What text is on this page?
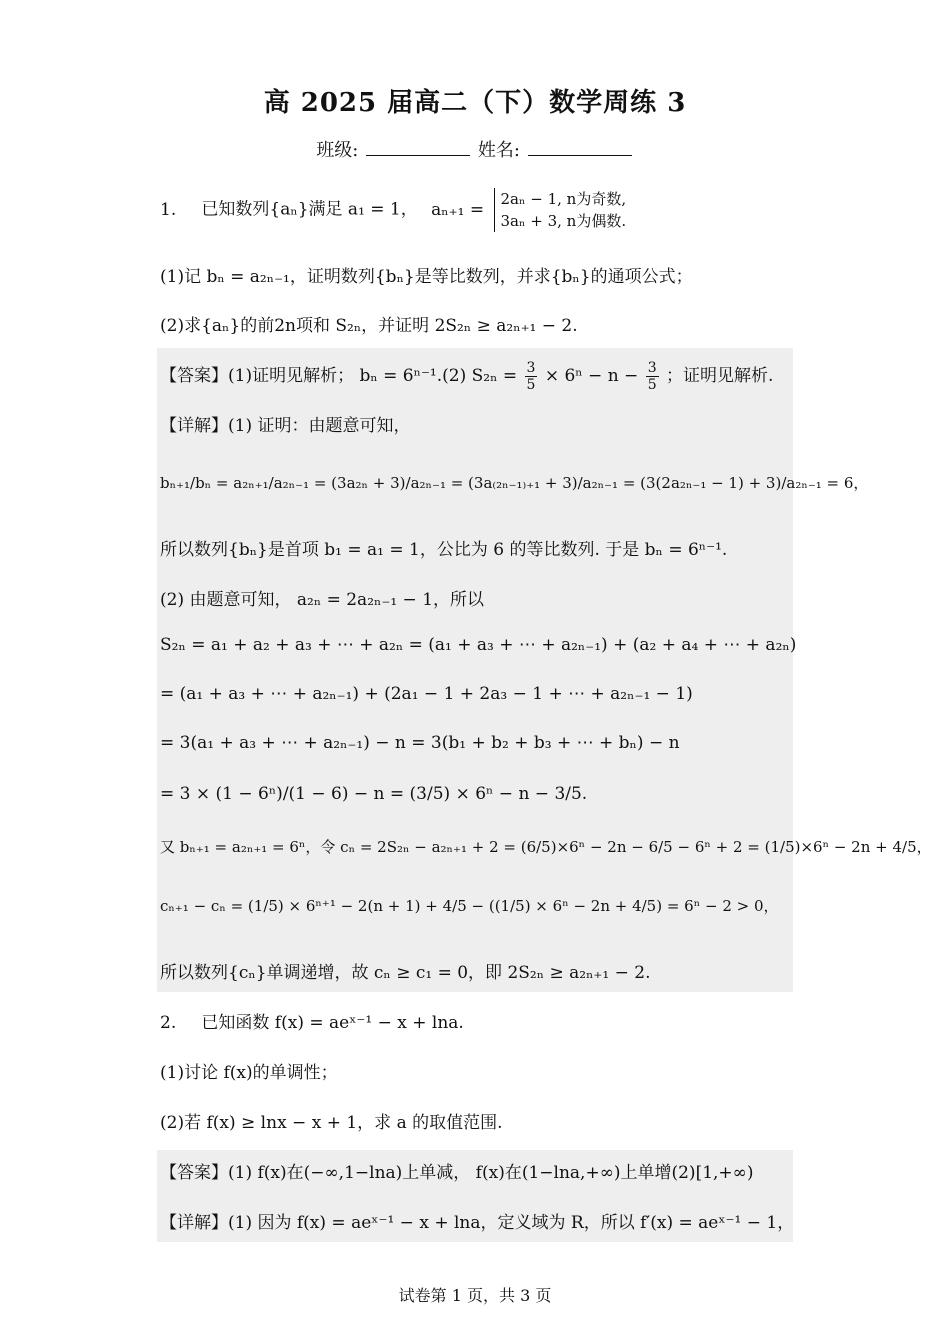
高 2025 届高二（下）数学周练 3
班级:	姓名:
1. 已知数列{aₙ}满足 a₁ = 1， aₙ₊₁ =
2aₙ − 1, n为奇数,
3aₙ + 3, n为偶数.
(1)记 bₙ = a₂ₙ₋₁，证明数列{bₙ}是等比数列，并求{bₙ}的通项公式；
(2)求{aₙ}的前2n项和 S₂ₙ，并证明 2S₂ₙ ≥ a₂ₙ₊₁ − 2.
【答案】(1)证明见解析； bₙ = 6ⁿ⁻¹.(2) $S_{2n} = \frac{3}{5} \times 6^n - n - \frac{3}{5}$ ；证明见解析.
【详解】(1) 证明：由题意可知，
bₙ₊₁/bₙ = a₂ₙ₊₁/a₂ₙ₋₁ = (3a₂ₙ + 3)/a₂ₙ₋₁ = (3a₍₂ₙ₋₁₎₊₁ + 3)/a₂ₙ₋₁ = (3(2a₂ₙ₋₁ − 1) + 3)/a₂ₙ₋₁ = 6，
所以数列{bₙ}是首项 b₁ = a₁ = 1，公比为 6 的等比数列. 于是 bₙ = 6ⁿ⁻¹.
(2) 由题意可知， a₂ₙ = 2a₂ₙ₋₁ − 1，所以
S₂ₙ = a₁ + a₂ + a₃ + ⋯ + a₂ₙ = (a₁ + a₃ + ⋯ + a₂ₙ₋₁) + (a₂ + a₄ + ⋯ + a₂ₙ)
= (a₁ + a₃ + ⋯ + a₂ₙ₋₁) + (2a₁ − 1 + 2a₃ − 1 + ⋯ + a₂ₙ₋₁ − 1)
= 3(a₁ + a₃ + ⋯ + a₂ₙ₋₁) − n = 3(b₁ + b₂ + b₃ + ⋯ + bₙ) − n
= 3 × (1 − 6ⁿ)/(1 − 6) − n = (3/5) × 6ⁿ − n − 3/5.
又 bₙ₊₁ = a₂ₙ₊₁ = 6ⁿ，令 cₙ = 2S₂ₙ − a₂ₙ₊₁ + 2 = (6/5)×6ⁿ − 2n − 6/5 − 6ⁿ + 2 = (1/5)×6ⁿ − 2n + 4/5，
cₙ₊₁ − cₙ = (1/5) × 6ⁿ⁺¹ − 2(n + 1) + 4/5 − ((1/5) × 6ⁿ − 2n + 4/5) = 6ⁿ − 2 > 0，
所以数列{cₙ}单调递增，故 cₙ ≥ c₁ = 0，即 2S₂ₙ ≥ a₂ₙ₊₁ − 2.
2. 已知函数 f(x) = aeˣ⁻¹ − x + lna.
(1)讨论 f(x)的单调性；
(2)若 f(x) ≥ lnx − x + 1，求 a 的取值范围.
【答案】(1) f(x)在(−∞,1−lna)上单减， f(x)在(1−lna,+∞)上单增(2)[1,+∞)
【详解】(1) 因为 f(x) = aeˣ⁻¹ − x + lna，定义域为 R，所以 f′(x) = aeˣ⁻¹ − 1，
试卷第 1 页，共 3 页
